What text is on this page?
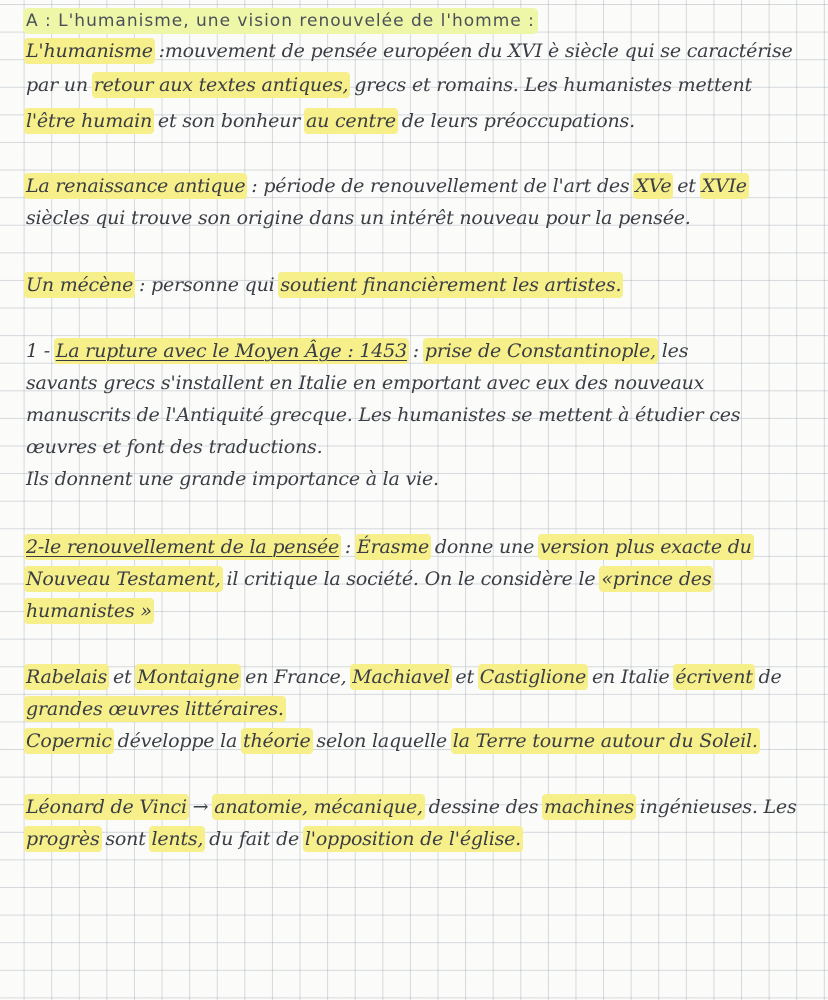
A : L'humanisme, une vision renouvelée de l'homme :
L'humanisme :mouvement de pensée européen du XVI è siècle qui se caractérise
par un retour aux textes antiques, grecs et romains. Les humanistes mettent
l'être humain et son bonheur au centre de leurs préoccupations.
La renaissance antique : période de renouvellement de l'art des XVe et XVIe
siècles qui trouve son origine dans un intérêt nouveau pour la pensée.
Un mécène : personne qui soutient financièrement les artistes.
1 - La rupture avec le Moyen Âge : 1453 : prise de Constantinople, les
savants grecs s'installent en Italie en emportant avec eux des nouveaux
manuscrits de l'Antiquité grecque. Les humanistes se mettent à étudier ces
œuvres et font des traductions.
Ils donnent une grande importance à la vie.
2-le renouvellement de la pensée : Érasme donne une version plus exacte du
Nouveau Testament, il critique la société. On le considère le «prince des
humanistes »
Rabelais et Montaigne en France, Machiavel et Castiglione en Italie écrivent de
grandes œuvres littéraires.
Copernic développe la théorie selon laquelle la Terre tourne autour du Soleil.
Léonard de Vinci → anatomie, mécanique, dessine des machines ingénieuses. Les
progrès sont lents, du fait de l'opposition de l'église.
